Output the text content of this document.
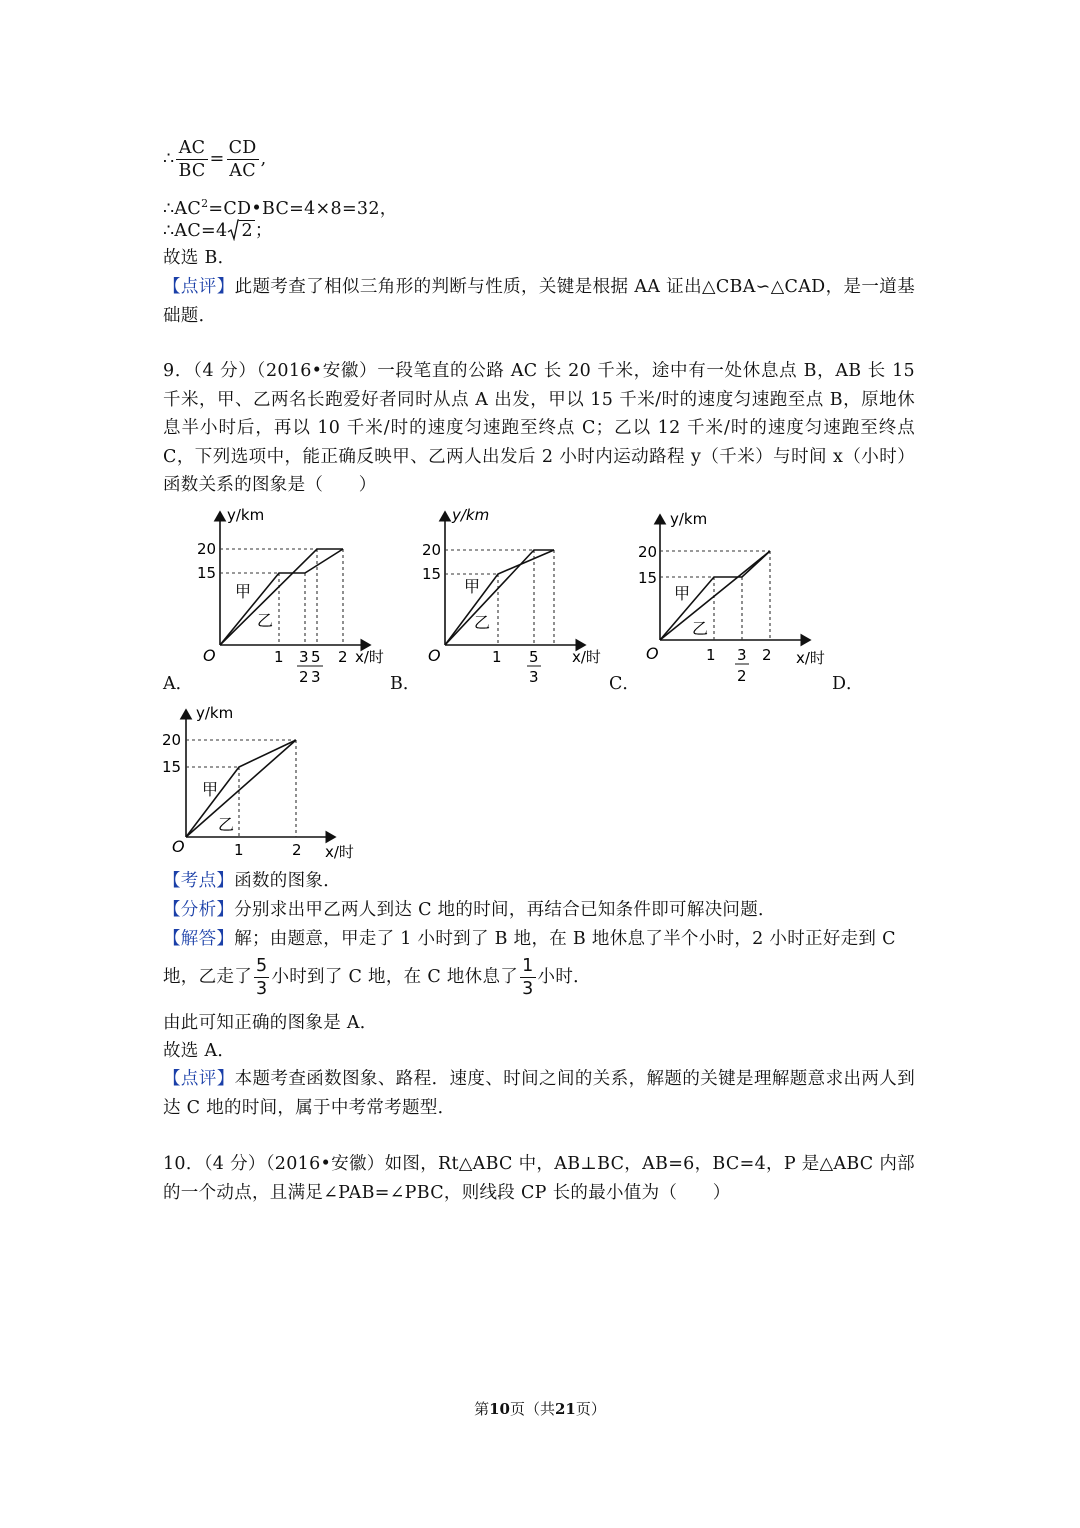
∴ $\frac{AC}{BC} = \frac{CD}{AC}$ ,
$\therefore AC^2=CD•BC=4\times 8=32$，
∴AC=4 2 ；
故选 B．
【点评】此题考查了相似三角形的判断与性质，关键是根据 AA 证出△CBA∽△CAD，是一道基础题．
9．（4 分）（2016•安徽）一段笔直的公路 AC 长 20 千米，途中有一处休息点 B，AB 长 15 千米，甲、乙两名长跑爱好者同时从点 A 出发，甲以 15 千米/时的速度匀速跑至点 B，原地休息半小时后，再以 10 千米/时的速度匀速跑至终点 C；乙以 12 千米/时的速度匀速跑至终点 C，下列选项中，能正确反映甲、乙两人出发后 2 小时内运动路程 y（千米）与时间 x（小时）函数关系的图象是（　　）
y/km
20
15
甲
乙
O	1 3
2
5
3
2 x/时
A．
y/km
20
15
甲
乙
O	1 5
3
x/时
B．
y/km
20
15
甲
乙
O	1 3
2
2 x/时
C．	D．
y/km
20
15
甲
乙
O	1	2 x/时
【考点】函数的图象．
【分析】分别求出甲乙两人到达 C 地的时间，再结合已知条件即可解决问题．
【解答】解；由题意，甲走了 1 小时到了 B 地，在 B 地休息了半个小时，2 小时正好走到 C
地，乙走了 $\frac{5}{3}$ 小时到了 C 地，在 C 地休息了 $\frac{1}{3}$ 小时．
由此可知正确的图象是 A．
故选 A．
【点评】本题考查函数图象、路程．速度、时间之间的关系，解题的关键是理解题意求出两人到达 C 地的时间，属于中考常考题型．
10．（4 分）（2016•安徽）如图，Rt△ABC 中，AB⊥BC，AB=6，BC=4，P 是△ABC 内部的一个动点，且满足∠PAB=∠PBC，则线段 CP 长的最小值为（　　）
第10页（共21页）
